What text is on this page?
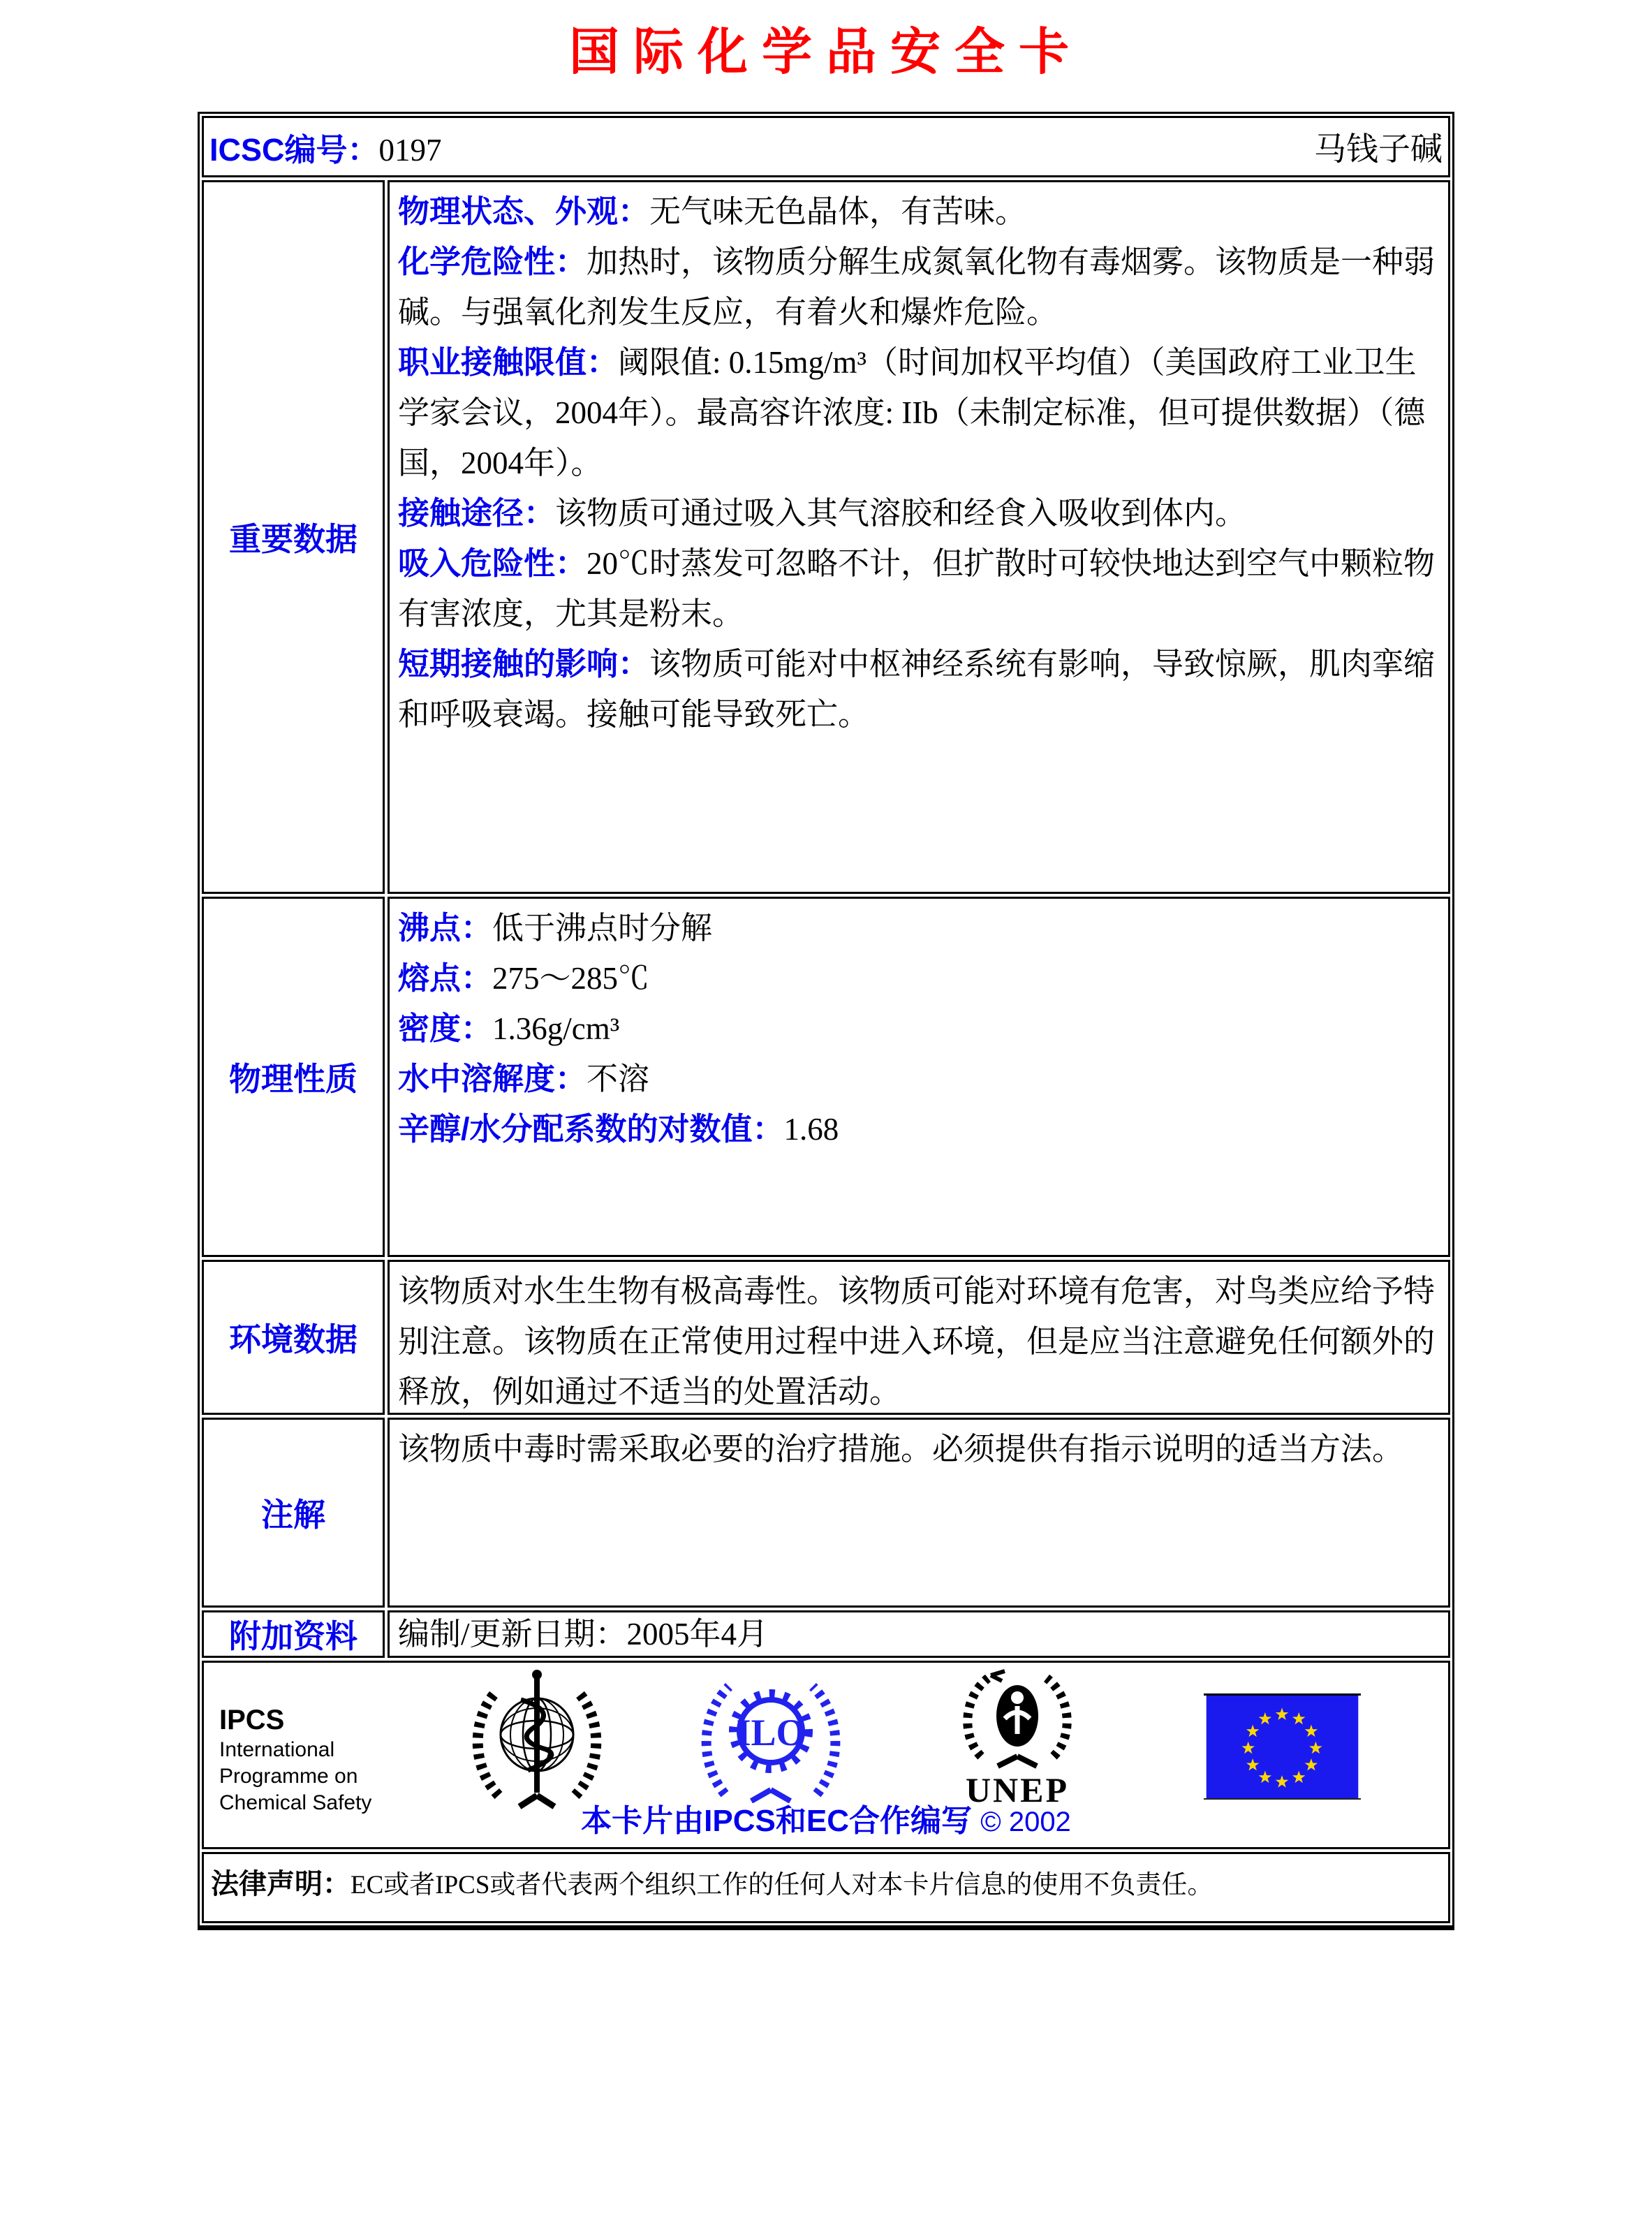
国际化学品安全卡
ICSC编号：0197	马钱子碱
重要数据
物理状态、外观：无气味无色晶体，有苦味。
化学危险性：加热时，该物质分解生成氮氧化物有毒烟雾。该物质是一种弱碱。与强氧化剂发生反应，有着火和爆炸危险。
职业接触限值：阈限值: 0.15mg/m³（时间加权平均值）（美国政府工业卫生学家会议，2004年）。最高容许浓度: IIb（未制定标准，但可提供数据）（德国，2004年）。
接触途径：该物质可通过吸入其气溶胶和经食入吸收到体内。
吸入危险性：20℃时蒸发可忽略不计，但扩散时可较快地达到空气中颗粒物有害浓度，尤其是粉末。
短期接触的影响：该物质可能对中枢神经系统有影响，导致惊厥，肌肉挛缩和呼吸衰竭。接触可能导致死亡。
物理性质
沸点：低于沸点时分解
熔点：275～285℃
密度：1.36g/cm³
水中溶解度：不溶
辛醇/水分配系数的对数值：1.68
环境数据
该物质对水生生物有极高毒性。该物质可能对环境有危害，对鸟类应给予特别注意。该物质在正常使用过程中进入环境，但是应当注意避免任何额外的释放，例如通过不适当的处置活动。
注解
该物质中毒时需采取必要的治疗措施。必须提供有指示说明的适当方法。
附加资料	编制/更新日期：2005年4月
IPCS
International
Programme on
Chemical Safety
ILO
UNEP
本卡片由IPCS和EC合作编写 © 2002
法律声明：EC或者IPCS或者代表两个组织工作的任何人对本卡片信息的使用不负责任。
